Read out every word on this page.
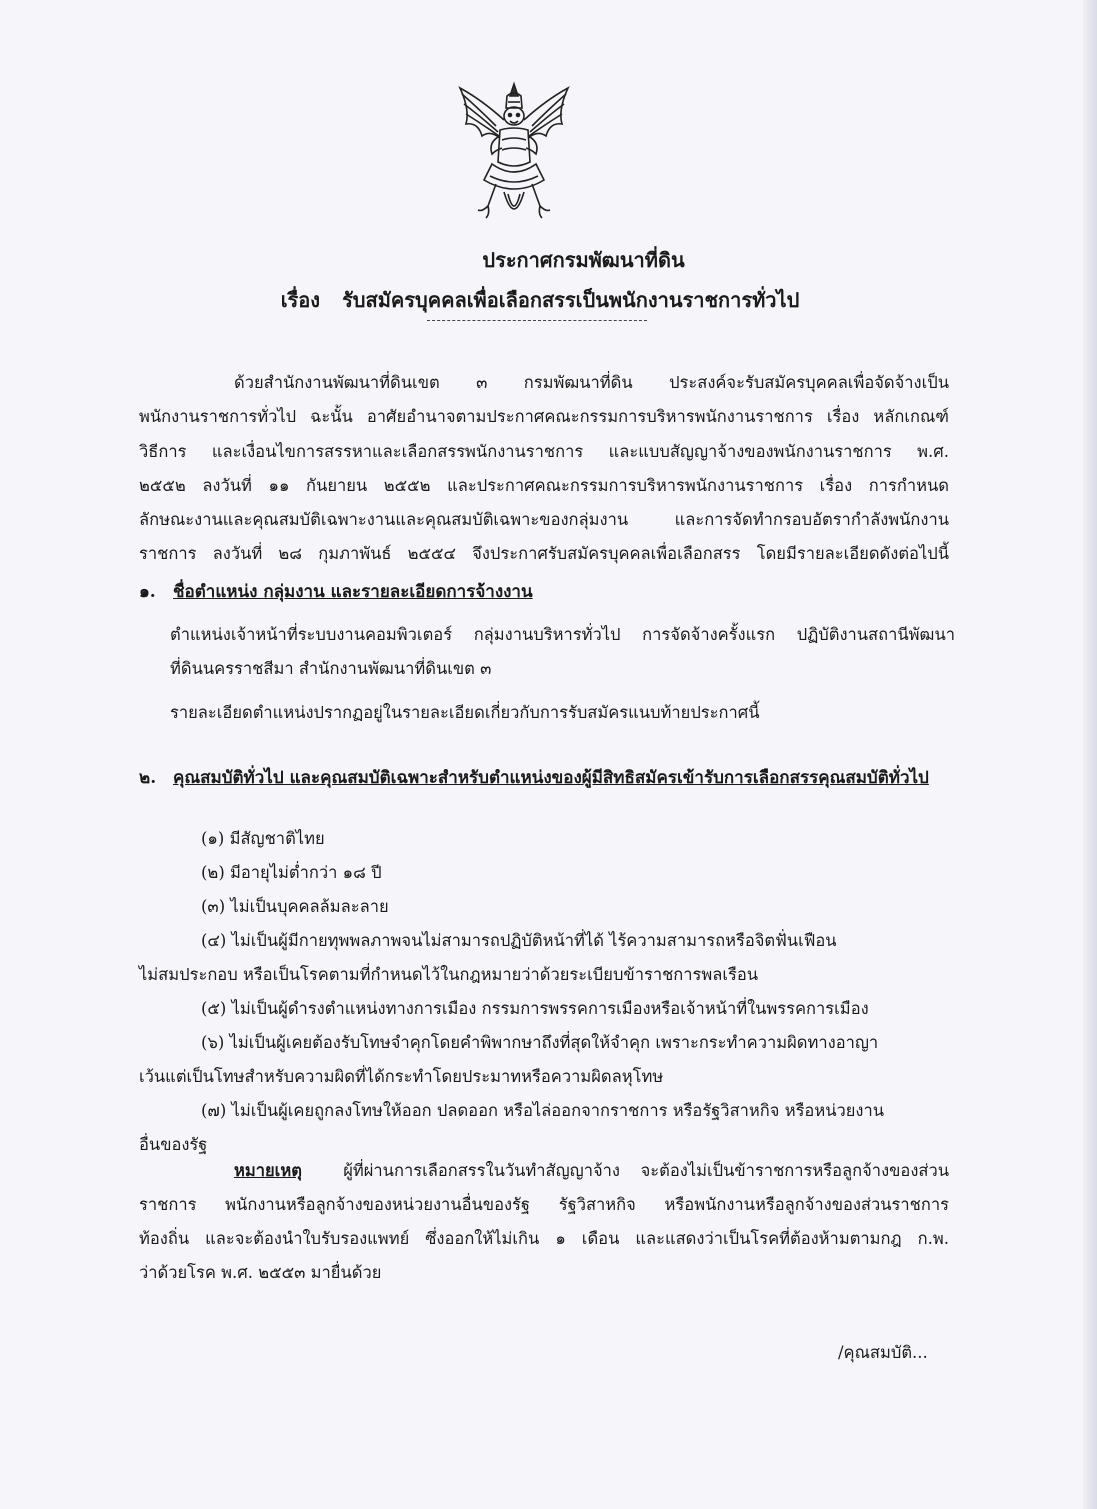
ประกาศกรมพัฒนาที่ดิน
เรื่อง รับสมัครบุคคลเพื่อเลือกสรรเป็นพนักงานราชการทั่วไป
ด้วยสำนักงานพัฒนาที่ดินเขต ๓ กรมพัฒนาที่ดิน ประสงค์จะรับสมัครบุคคลเพื่อจัดจ้างเป็น
พนักงานราชการทั่วไป ฉะนั้น อาศัยอำนาจตามประกาศคณะกรรมการบริหารพนักงานราชการ เรื่อง หลักเกณฑ์
วิธีการ และเงื่อนไขการสรรหาและเลือกสรรพนักงานราชการ และแบบสัญญาจ้างของพนักงานราชการ พ.ศ.
๒๕๕๒ ลงวันที่ ๑๑ กันยายน ๒๕๕๒ และประกาศคณะกรรมการบริหารพนักงานราชการ เรื่อง การกำหนด
ลักษณะงานและคุณสมบัติเฉพาะงานและคุณสมบัติเฉพาะของกลุ่มงาน และการจัดทำกรอบอัตรากำลังพนักงาน
ราชการ ลงวันที่ ๒๘ กุมภาพันธ์ ๒๕๕๔ จึงประกาศรับสมัครบุคคลเพื่อเลือกสรร โดยมีรายละเอียดดังต่อไปนี้
๑. ชื่อตำแหน่ง กลุ่มงาน และรายละเอียดการจ้างงาน
ตำแหน่งเจ้าหน้าที่ระบบงานคอมพิวเตอร์ กลุ่มงานบริหารทั่วไป การจัดจ้างครั้งแรก ปฏิบัติงานสถานีพัฒนา
ที่ดินนครราชสีมา สำนักงานพัฒนาที่ดินเขต ๓
รายละเอียดตำแหน่งปรากฏอยู่ในรายละเอียดเกี่ยวกับการรับสมัครแนบท้ายประกาศนี้
๒. คุณสมบัติทั่วไป และคุณสมบัติเฉพาะสำหรับตำแหน่งของผู้มีสิทธิสมัครเข้ารับการเลือกสรรคุณสมบัติทั่วไป
(๑) มีสัญชาติไทย
(๒) มีอายุไม่ต่ำกว่า ๑๘ ปี
(๓) ไม่เป็นบุคคลล้มละลาย
(๔) ไม่เป็นผู้มีกายทุพพลภาพจนไม่สามารถปฏิบัติหน้าที่ได้ ไร้ความสามารถหรือจิตฟั่นเฟือน
ไม่สมประกอบ หรือเป็นโรคตามที่กำหนดไว้ในกฎหมายว่าด้วยระเบียบข้าราชการพลเรือน
(๕) ไม่เป็นผู้ดำรงตำแหน่งทางการเมือง กรรมการพรรคการเมืองหรือเจ้าหน้าที่ในพรรคการเมือง
(๖) ไม่เป็นผู้เคยต้องรับโทษจำคุกโดยคำพิพากษาถึงที่สุดให้จำคุก เพราะกระทำความผิดทางอาญา
เว้นแต่เป็นโทษสำหรับความผิดที่ได้กระทำโดยประมาทหรือความผิดลหุโทษ
(๗) ไม่เป็นผู้เคยถูกลงโทษให้ออก ปลดออก หรือไล่ออกจากราชการ หรือรัฐวิสาหกิจ หรือหน่วยงาน
อื่นของรัฐ
หมายเหตุ	ผู้ที่ผ่านการเลือกสรรในวันทำสัญญาจ้าง จะต้องไม่เป็นข้าราชการหรือลูกจ้างของส่วน
ราชการ พนักงานหรือลูกจ้างของหน่วยงานอื่นของรัฐ รัฐวิสาหกิจ หรือพนักงานหรือลูกจ้างของส่วนราชการ
ท้องถิ่น และจะต้องนำใบรับรองแพทย์ ซึ่งออกให้ไม่เกิน ๑ เดือน และแสดงว่าเป็นโรคที่ต้องห้ามตามกฎ ก.พ.
ว่าด้วยโรค พ.ศ. ๒๕๕๓ มายื่นด้วย
/คุณสมบัติ...
